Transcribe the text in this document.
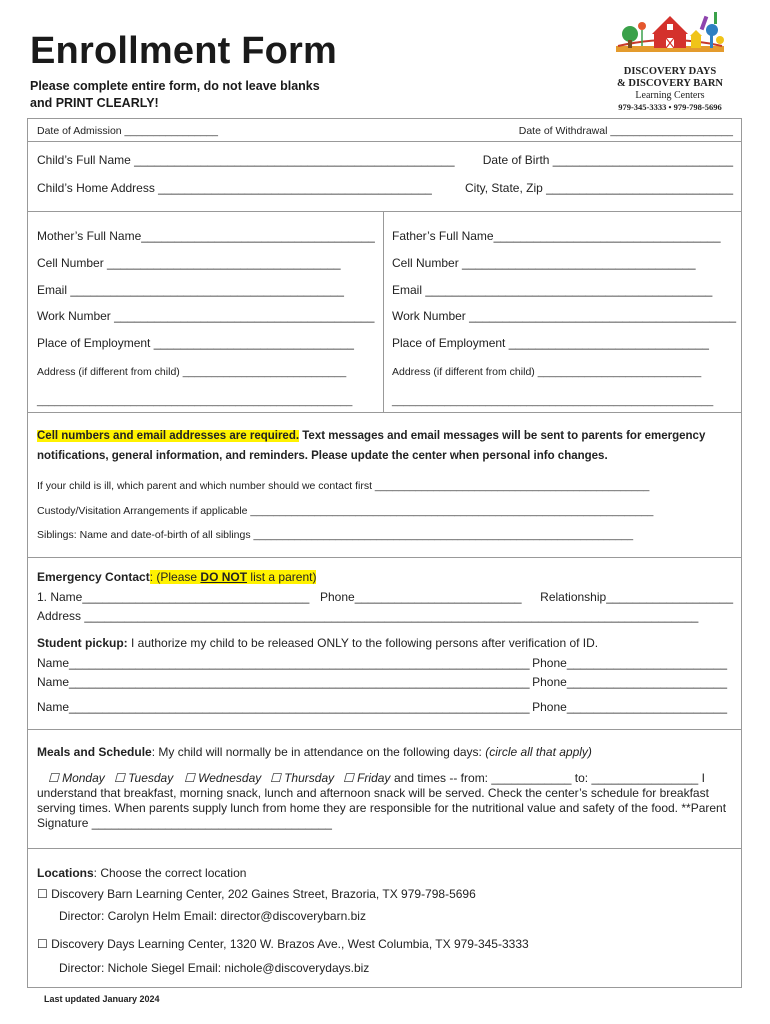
Enrollment Form
Please complete entire form, do not leave blanks and PRINT CLEARLY!
DISCOVERY DAYS
& DISCOVERY BARN
Learning Centers
979-345-3333 • 979-798-5696
Date of Admission ________________	Date of Withdrawal _____________________
Child’s Full Name ________________________________________________ Date of Birth ___________________________
Child’s Home Address _________________________________________	City, State, Zip ____________________________
Mother’s Full Name___________________________________
Cell Number ___________________________________
Email _________________________________________
Work Number _______________________________________
Place of Employment ______________________________
Address (if different from child) ____________________________
______________________________________________________
Father’s Full Name__________________________________
Cell Number ___________________________________
Email ___________________________________________
Work Number ________________________________________
Place of Employment ______________________________
Address (if different from child) ____________________________
_______________________________________________________
Cell numbers and email addresses are required. Text messages and email messages will be sent to parents for emergency notifications, general information, and reminders. Please update the center when personal info changes.
If your child is ill, which parent and which number should we contact first _______________________________________________
Custody/Visitation Arrangements if applicable _____________________________________________________________________
Siblings: Name and date-of-birth of all siblings _________________________________________________________________
Emergency Contact: (Please DO NOT list a parent)
1. Name__________________________________ Phone_________________________ Relationship___________________
Address ____________________________________________________________________________________________
Student pickup: I authorize my child to be released ONLY to the following persons after verification of ID.
Name_____________________________________________________________________ Phone________________________
Name_____________________________________________________________________ Phone________________________
Name_____________________________________________________________________ Phone________________________
Meals and Schedule: My child will normally be in attendance on the following days: (circle all that apply)
☐ Monday ☐ Tuesday ☐ Wednesday ☐ Thursday ☐ Friday and times -- from: ____________ to: ________________ I
understand that breakfast, morning snack, lunch and afternoon snack will be served. Check the center’s schedule for breakfast serving times. When parents supply lunch from home they are responsible for the nutritional value and safety of the food. **Parent Signature ____________________________________
Locations: Choose the correct location
☐ Discovery Barn Learning Center, 202 Gaines Street, Brazoria, TX 979-798-5696
Director: Carolyn Helm Email: director@discoverybarn.biz
☐ Discovery Days Learning Center, 1320 W. Brazos Ave., West Columbia, TX 979-345-3333
Director: Nichole Siegel Email: nichole@discoverydays.biz
Last updated January 2024
